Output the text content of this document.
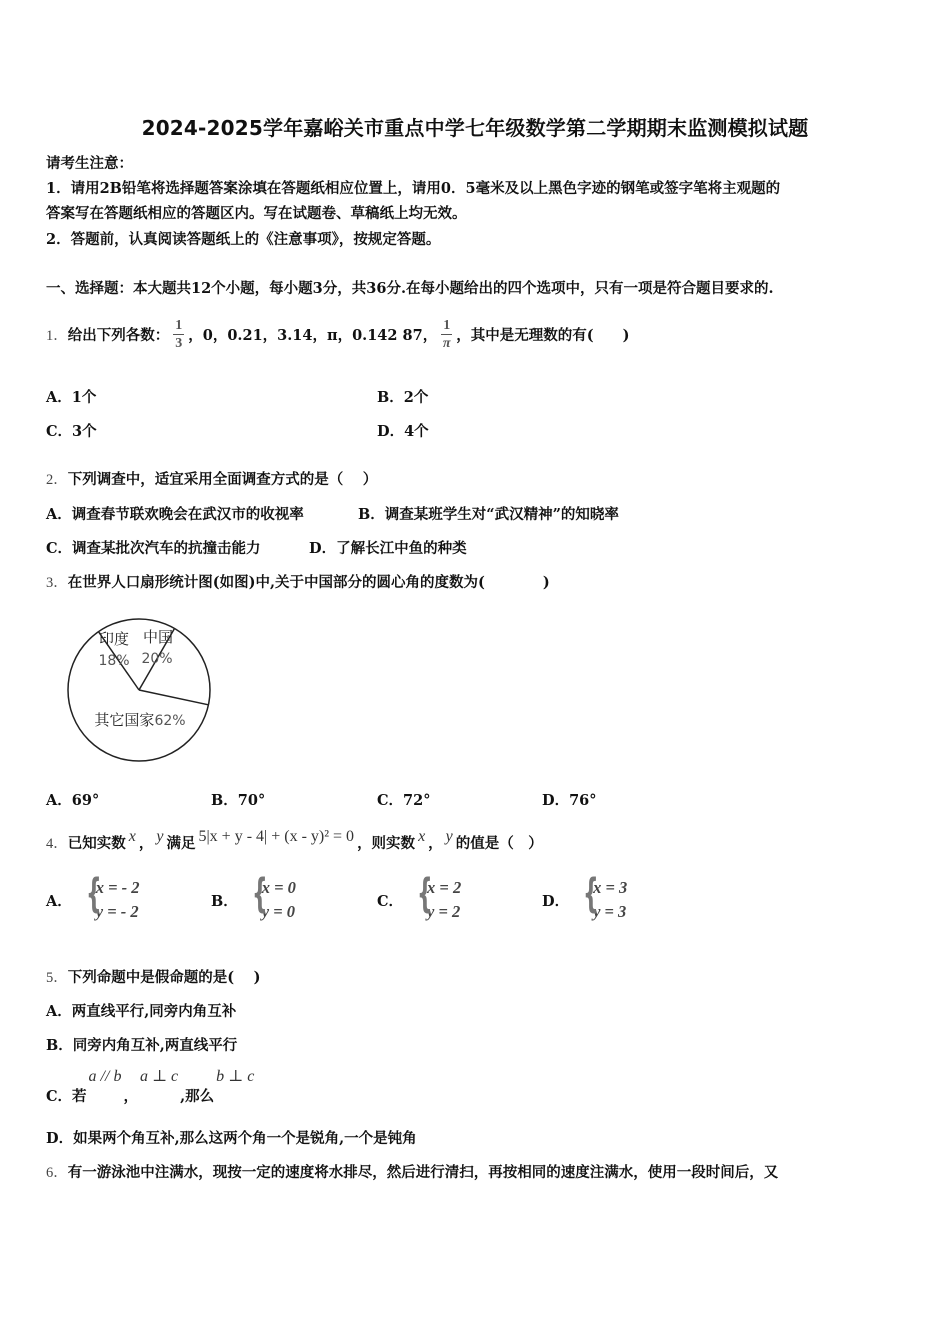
2024-2025学年嘉峪关市重点中学七年级数学第二学期期末监测模拟试题
请考生注意：
1．请用2B铅笔将选择题答案涂填在答题纸相应位置上，请用0．5毫米及以上黑色字迹的钢笔或签字笔将主观题的
答案写在答题纸相应的答题区内。写在试题卷、草稿纸上均无效。
2．答题前，认真阅读答题纸上的《注意事项》，按规定答题。
一、选择题：本大题共12个小题，每小题3分，共36分.在每小题给出的四个选项中，只有一项是符合题目要求的.
1． 给出下列各数： $\frac{1}{3}$ ，0，0.21，3.14，π，0.142 87， $\frac{1}{\pi}$ ，其中是无理数的有(　　)
A．1个	B．2个
C．3个	D．4个
2．下列调查中，适宜采用全面调查方式的是（　 ）
A．调查春节联欢晚会在武汉市的收视率	B．调查某班学生对“武汉精神”的知晓率
C．调查某批次汽车的抗撞击能力	D．了解长江中鱼的种类
3．在世界人口扇形统计图(如图)中,关于中国部分的圆心角的度数为(　　　　)
中国
20%
印度
18%
其它国家62%
A．69°	B．70°	C．72°	D．76°
4． 已知实数 x ， y 满足 5|x + y - 4| + (x - y)² = 0 ，则实数 x ， y 的值是（　）
A． {
x = - 2
y = - 2
B． {
x = 0
y = 0
C． {
x = 2
y = 2
D． {
x = 3
y = 3
5．下列命题中是假命题的是(　 )
A．两直线平行,同旁内角互补
B．同旁内角互补,两直线平行
C．若
a // b
，
a ⊥ c
,那么
b ⊥ c
D．如果两个角互补,那么这两个角一个是锐角,一个是钝角
6．有一游泳池中注满水，现按一定的速度将水排尽，然后进行清扫，再按相同的速度注满水，使用一段时间后，又
